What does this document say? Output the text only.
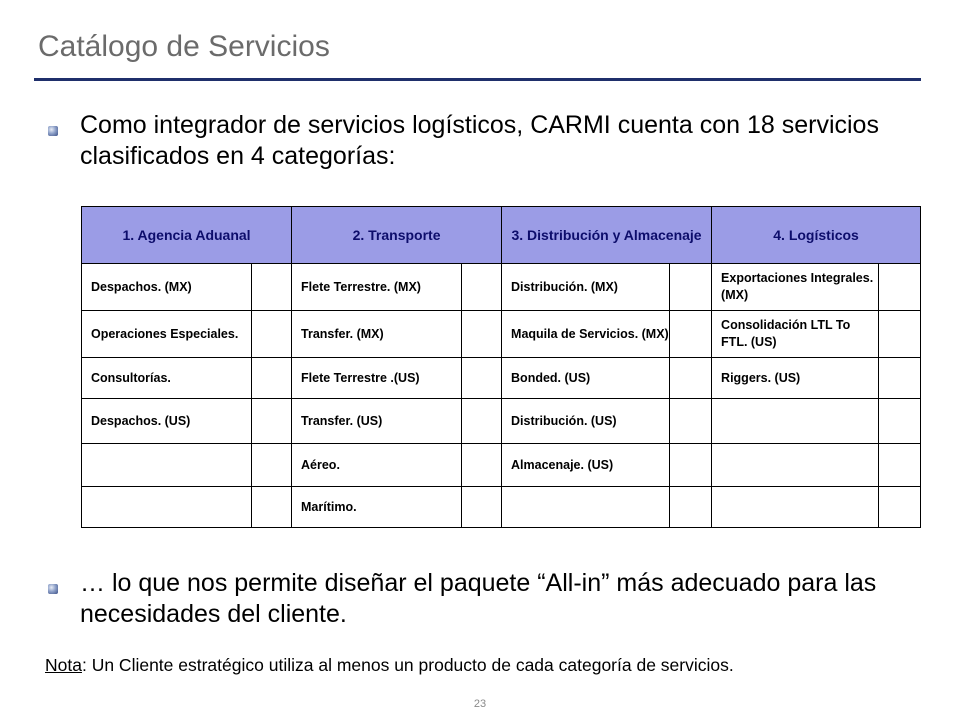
Catálogo de Servicios
Como integrador de servicios logísticos, CARMI cuenta con 18 servicios clasificados en 4 categorías:
1. Agencia Aduanal		2. Transporte		3. Distribución y Almacenaje		4. Logísticos	
Despachos. (MX)		Flete Terrestre. (MX)		Distribución. (MX)		Exportaciones Integrales. (MX)	
Operaciones Especiales.		Transfer. (MX)		Maquila de Servicios. (MX)		Consolidación LTL To FTL. (US)	
Consultorías.		Flete Terrestre .(US)		Bonded. (US)		Riggers. (US)	
Despachos. (US)		Transfer. (US)		Distribución. (US)			
		Aéreo.		Almacenaje. (US)			
		Marítimo.					
… lo que nos permite diseñar el paquete “All-in” más adecuado para las necesidades del cliente.
Nota: Un Cliente estratégico utiliza al menos un producto de cada categoría de servicios.
23
